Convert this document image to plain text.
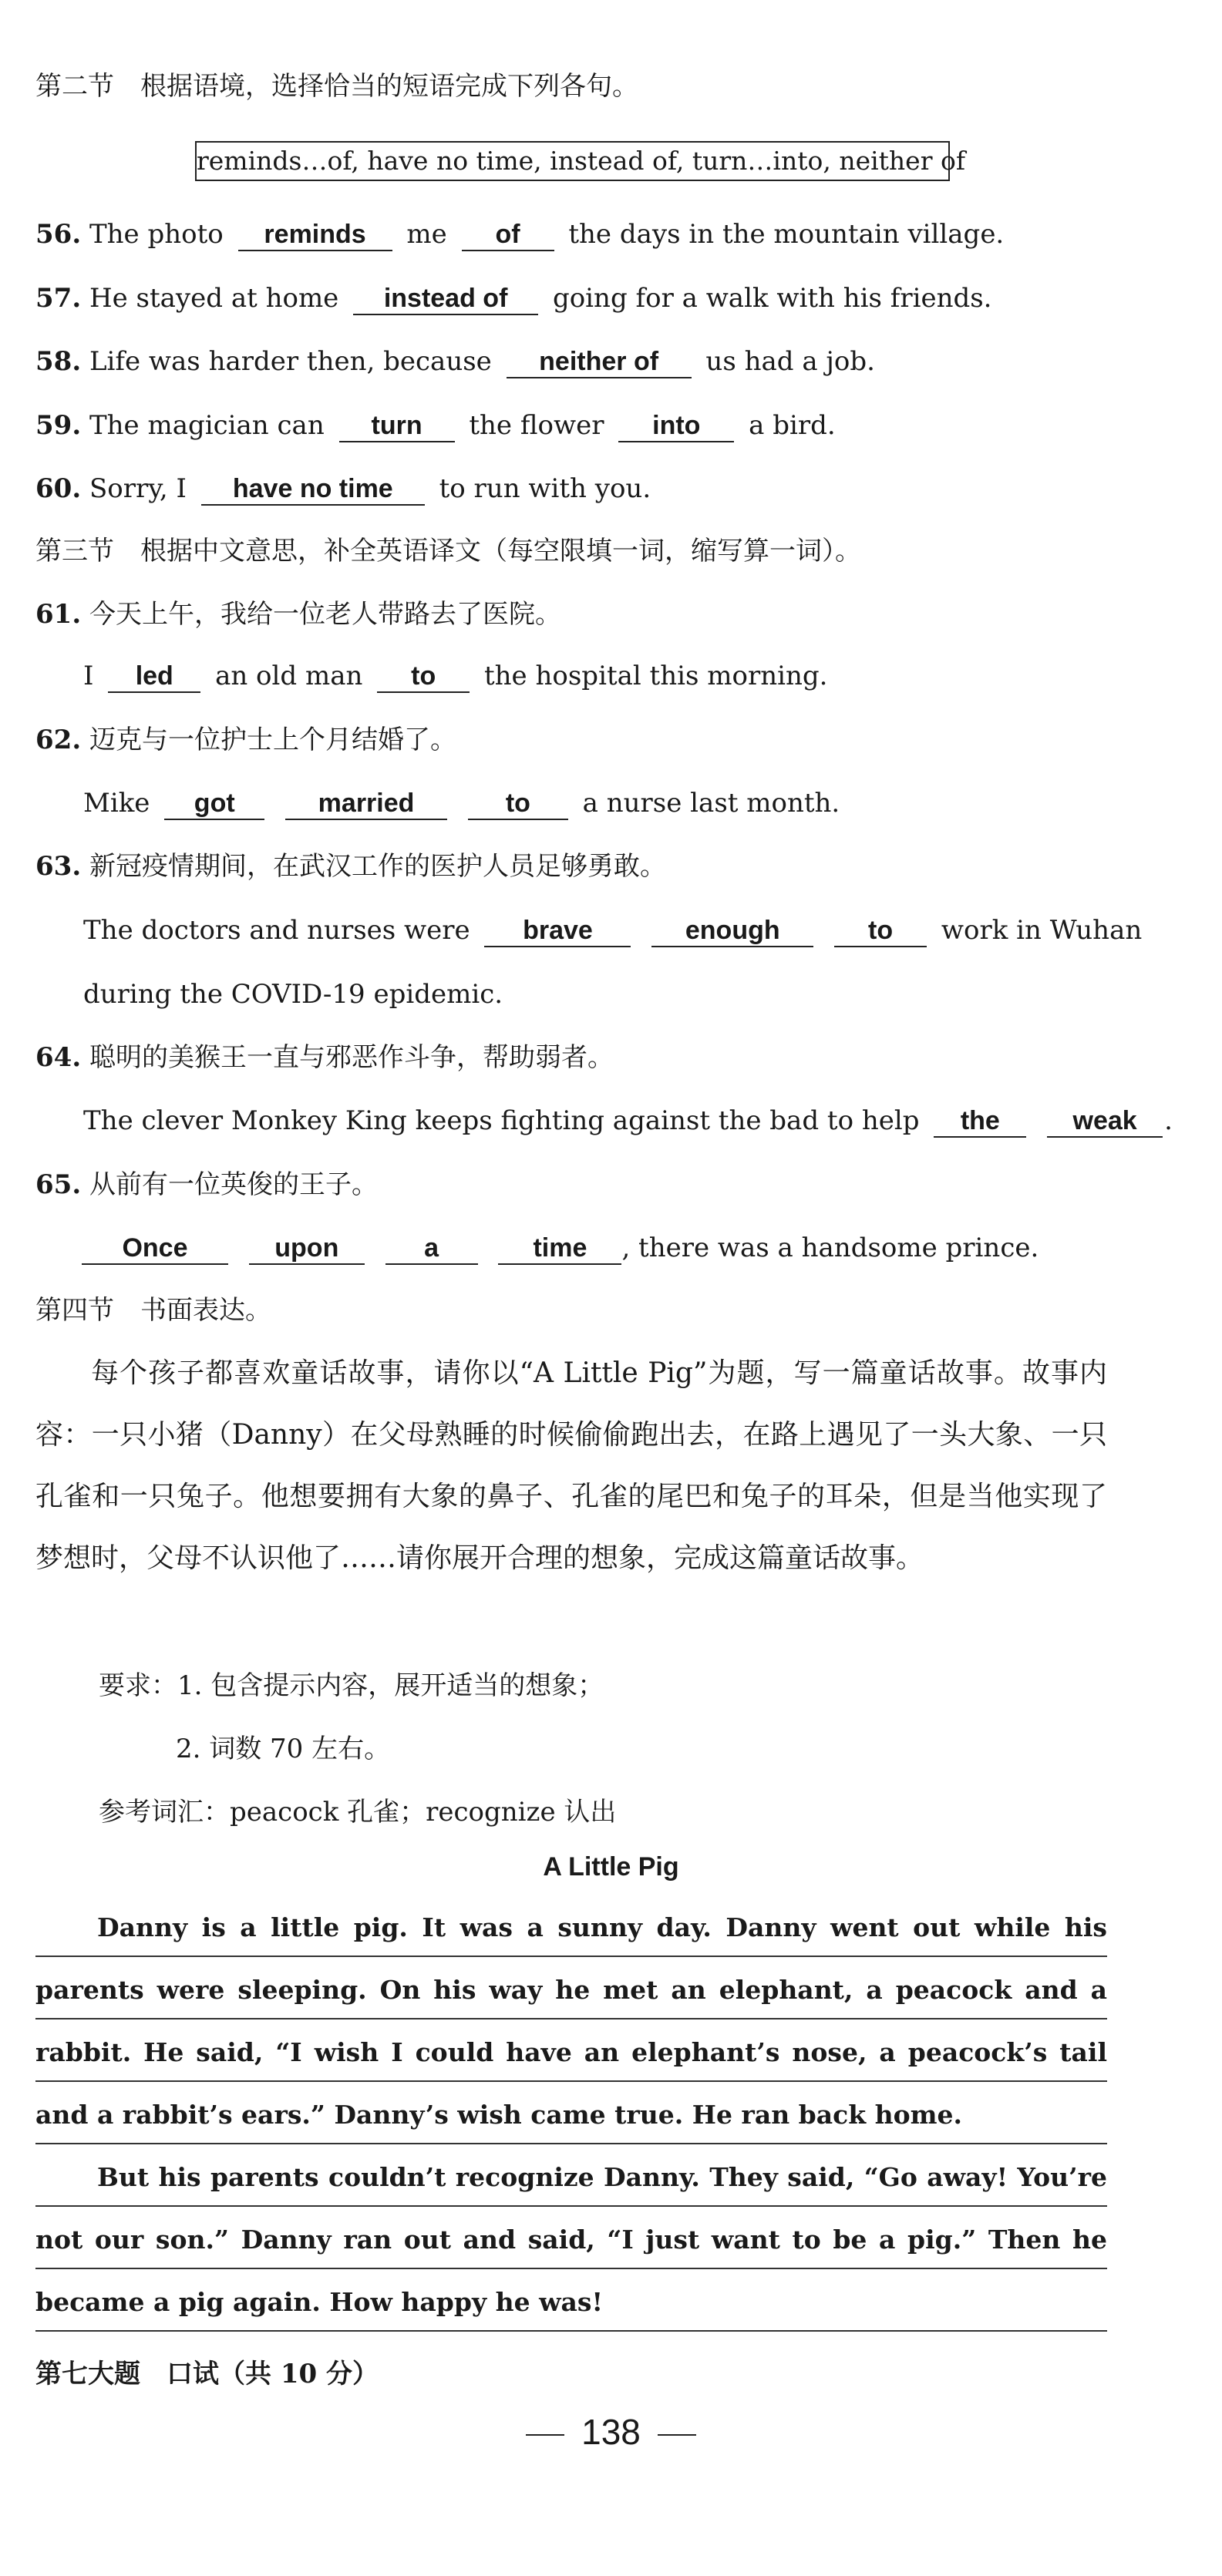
第二节　根据语境，选择恰当的短语完成下列各句。
reminds…of, have no time, instead of, turn…into, neither of
56. The photo reminds me of the days in the mountain village.
57. He stayed at home instead of going for a walk with his friends.
58. Life was harder then, because neither of us had a job.
59. The magician can turn the flower into a bird.
60. Sorry, I have no time to run with you.
第三节　根据中文意思，补全英语译文（每空限填一词，缩写算一词）。
61. 今天上午，我给一位老人带路去了医院。
I led an old man to the hospital this morning.
62. 迈克与一位护士上个月结婚了。
Mike got	married	to a nurse last month.
63. 新冠疫情期间，在武汉工作的医护人员足够勇敢。
The doctors and nurses were brave	enough	to work in Wuhan
during the COVID-19 epidemic.
64. 聪明的美猴王一直与邪恶作斗争，帮助弱者。
The clever Monkey King keeps fighting against the bad to help the	weak .
65. 从前有一位英俊的王子。
Once	upon	a	time , there was a handsome prince.
第四节　书面表达。
每个孩子都喜欢童话故事，请你以“A Little Pig”为题，写一篇童话故事。故事内容：一只小猪（Danny）在父母熟睡的时候偷偷跑出去，在路上遇见了一头大象、一只孔雀和一只兔子。他想要拥有大象的鼻子、孔雀的尾巴和兔子的耳朵，但是当他实现了梦想时，父母不认识他了……请你展开合理的想象，完成这篇童话故事。
要求：1. 包含提示内容，展开适当的想象；
2. 词数 70 左右。
参考词汇：peacock 孔雀；recognize 认出
A Little Pig

Danny is a little pig. It was a sunny day. Danny went out while his parents were sleeping. On his way he met an elephant, a peacock and a rabbit. He said, “I wish I could have an elephant’s nose, a peacock’s tail and a rabbit’s ears.” Danny’s wish came true. He ran back home.

But his parents couldn’t recognize Danny. They said, “Go away! You’re not our son.” Danny ran out and said, “I just want to be a pig.” Then he became a pig again. How happy he was!

第七大题　口试（共 10 分）
138
